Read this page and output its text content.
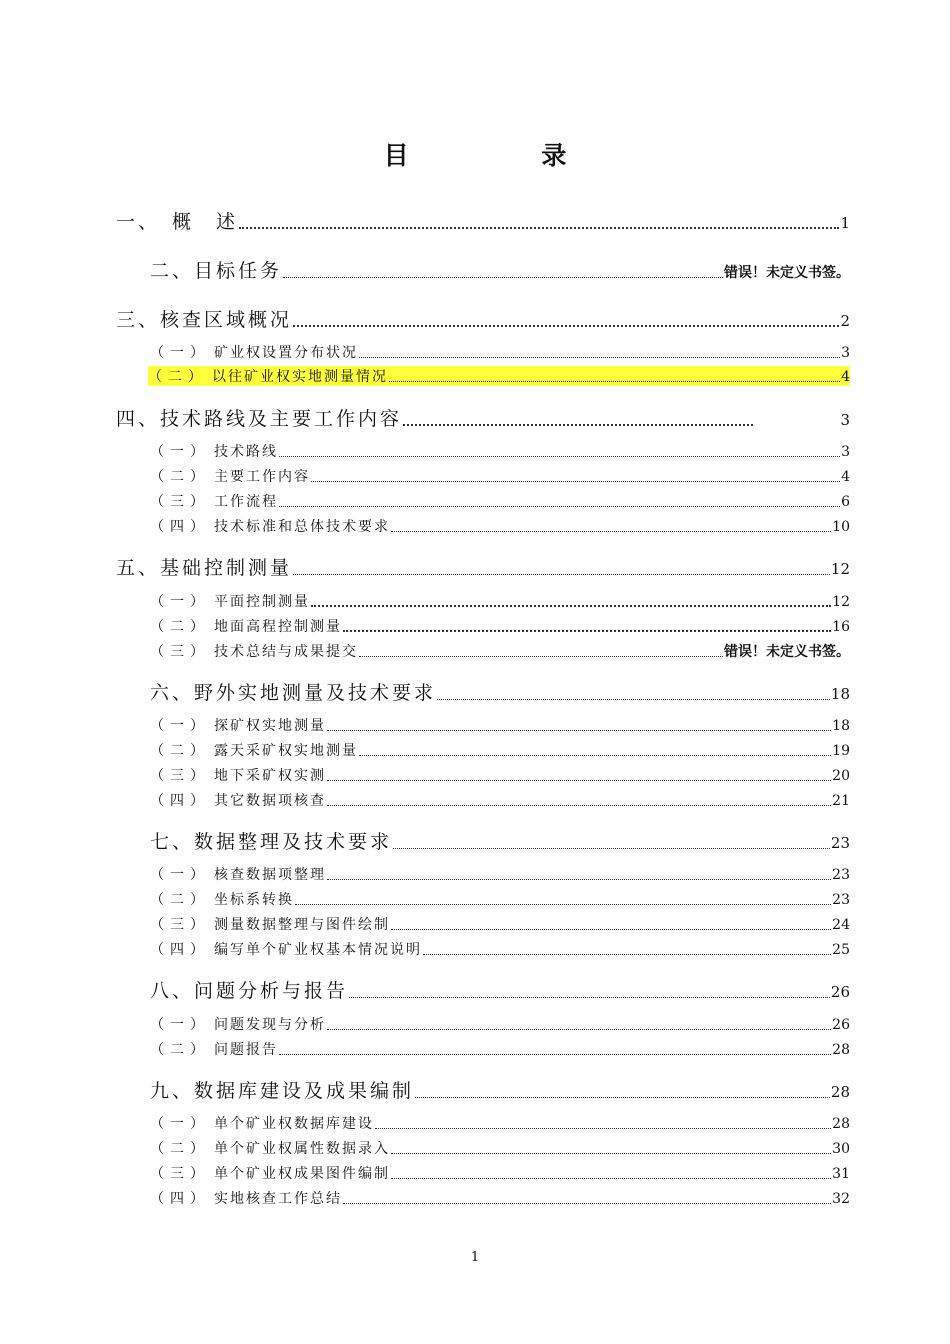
目 录
一、 概　述	1
二、 目标任务	错误！未定义书签。
三、 核查区域概况	2
（一） 矿业权设置分布状况	3
（二） 以往矿业权实地测量情况	4
四、 技术路线及主要工作内容	3
（一） 技术路线	3
（二） 主要工作内容	4
（三） 工作流程	6
（四） 技术标准和总体技术要求	10
五、 基础控制测量	12
（一） 平面控制测量	12
（二） 地面高程控制测量	16
（三） 技术总结与成果提交	错误！未定义书签。
六、 野外实地测量及技术要求	18
（一） 探矿权实地测量	18
（二） 露天采矿权实地测量	19
（三） 地下采矿权实测	20
（四） 其它数据项核查	21
七、 数据整理及技术要求	23
（一） 核查数据项整理	23
（二） 坐标系转换	23
（三） 测量数据整理与图件绘制	24
（四） 编写单个矿业权基本情况说明	25
八、 问题分析与报告	26
（一） 问题发现与分析	26
（二） 问题报告	28
九、 数据库建设及成果编制	28
（一） 单个矿业权数据库建设	28
（二） 单个矿业权属性数据录入	30
（三） 单个矿业权成果图件编制	31
（四） 实地核查工作总结	32
1
